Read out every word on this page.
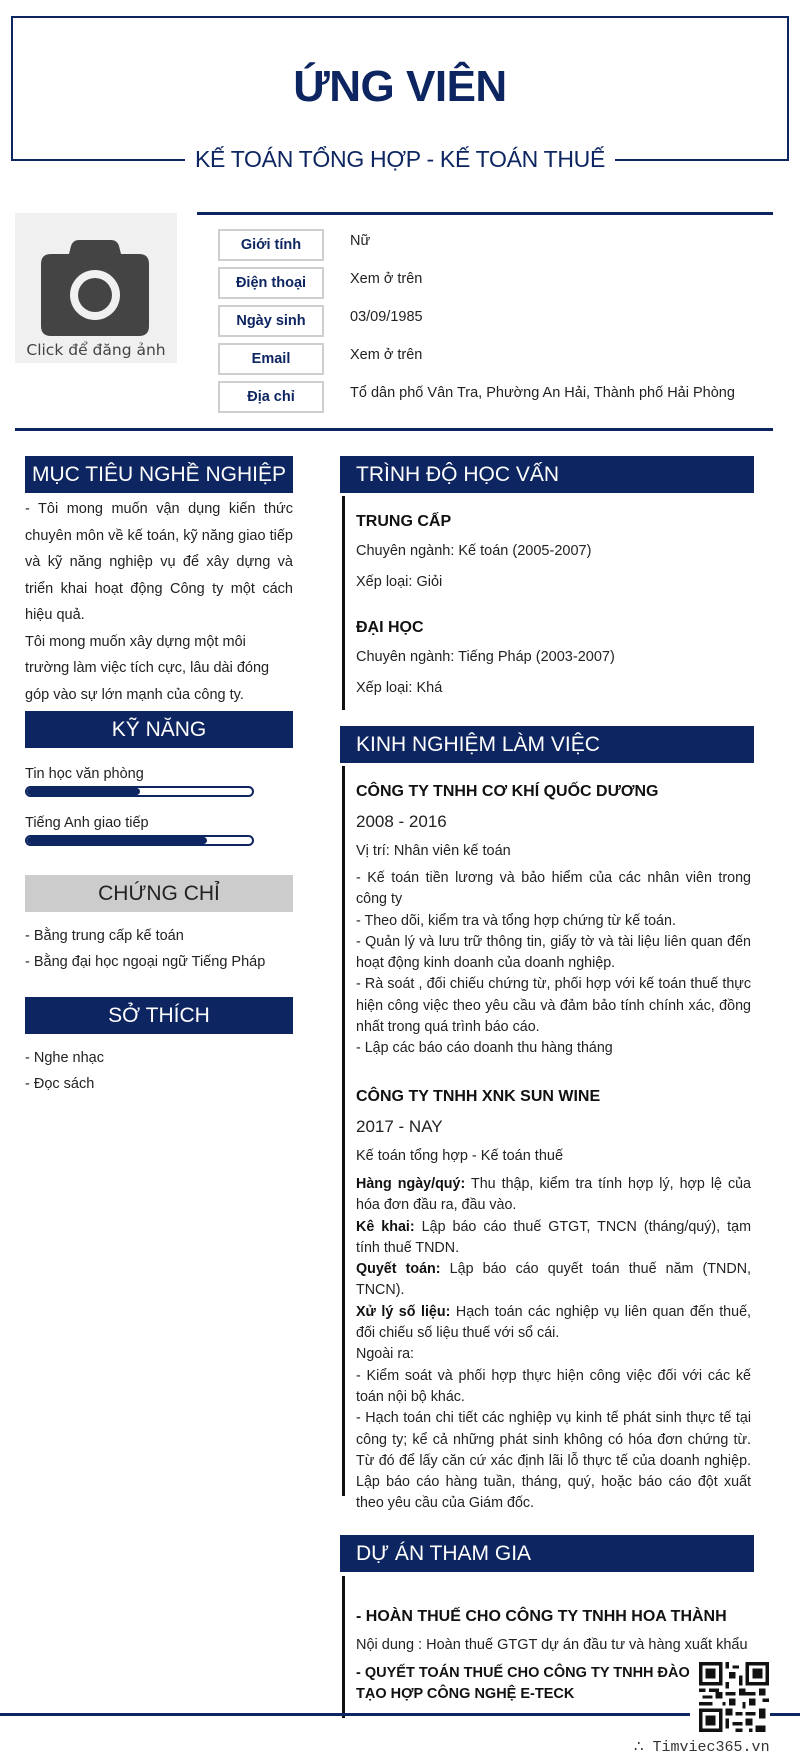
ỨNG VIÊN
KẾ TOÁN TỔNG HỢP - KẾ TOÁN THUẾ
Click để đăng ảnh
Giới tính	Nữ
Điện thoại	Xem ở trên
Ngày sinh	03/09/1985
Email	Xem ở trên
Địa chỉ	Tổ dân phố Vân Tra, Phường An Hải, Thành phố Hải Phòng
MỤC TIÊU NGHỀ NGHIỆP

- Tôi mong muốn vận dụng kiến thức chuyên môn về kế toán, kỹ năng giao tiếp và kỹ năng nghiệp vụ để xây dựng và triển khai hoạt động Công ty một cách hiệu quả.

Tôi mong muốn xây dựng một môi trường làm việc tích cực, lâu dài đóng góp vào sự lớn mạnh của công ty.

KỸ NĂNG
Tin học văn phòng
Tiếng Anh giao tiếp
CHỨNG CHỈ
- Bằng trung cấp kế toán
- Bằng đại học ngoại ngữ Tiếng Pháp
SỞ THÍCH
- Nghe nhạc
- Đọc sách
TRÌNH ĐỘ HỌC VẤN
TRUNG CẤP
Chuyên ngành: Kế toán (2005-2007)
Xếp loại: Giỏi
ĐẠI HỌC
Chuyên ngành: Tiếng Pháp (2003-2007)
Xếp loại: Khá
KINH NGHIỆM LÀM VIỆC
CÔNG TY TNHH CƠ KHÍ QUỐC DƯƠNG
2008 - 2016
Vị trí: Nhân viên kế toán
- Kế toán tiền lương và bảo hiểm của các nhân viên trong công ty
- Theo dõi, kiểm tra và tổng hợp chứng từ kế toán.
- Quản lý và lưu trữ thông tin, giấy tờ và tài liệu liên quan đến hoạt động kinh doanh của doanh nghiệp.
- Rà soát , đối chiếu chứng từ, phối hợp với kế toán thuế thực hiện công việc theo yêu cầu và đảm bảo tính chính xác, đồng nhất trong quá trình báo cáo.
- Lập các báo cáo doanh thu hàng tháng
CÔNG TY TNHH XNK SUN WINE
2017 - NAY
Kế toán tổng hợp - Kế toán thuế
Hàng ngày/quý: Thu thập, kiểm tra tính hợp lý, hợp lệ của hóa đơn đầu ra, đầu vào.
Kê khai: Lập báo cáo thuế GTGT, TNCN (tháng/quý), tạm tính thuế TNDN.
Quyết toán: Lập báo cáo quyết toán thuế năm (TNDN, TNCN).
Xử lý số liệu: Hạch toán các nghiệp vụ liên quan đến thuế, đối chiếu số liệu thuế với sổ cái.
Ngoài ra:
- Kiểm soát và phối hợp thực hiện công việc đối với các kế toán nội bộ khác.
- Hạch toán chi tiết các nghiệp vụ kinh tế phát sinh thực tế tại công ty; kể cả những phát sinh không có hóa đơn chứng từ. Từ đó để lấy căn cứ xác định lãi lỗ thực tế của doanh nghiệp. Lập báo cáo hàng tuần, tháng, quý, hoặc báo cáo đột xuất theo yêu cầu của Giám đốc.
DỰ ÁN THAM GIA
- HOÀN THUẾ CHO CÔNG TY TNHH HOA THÀNH
Nội dung : Hoàn thuế GTGT dự án đầu tư và hàng xuất khẩu
- QUYẾT TOÁN THUẾ CHO CÔNG TY TNHH ĐÀO TẠO HỢP CÔNG NGHỆ E-TECK
∴ Timviec365.vn
